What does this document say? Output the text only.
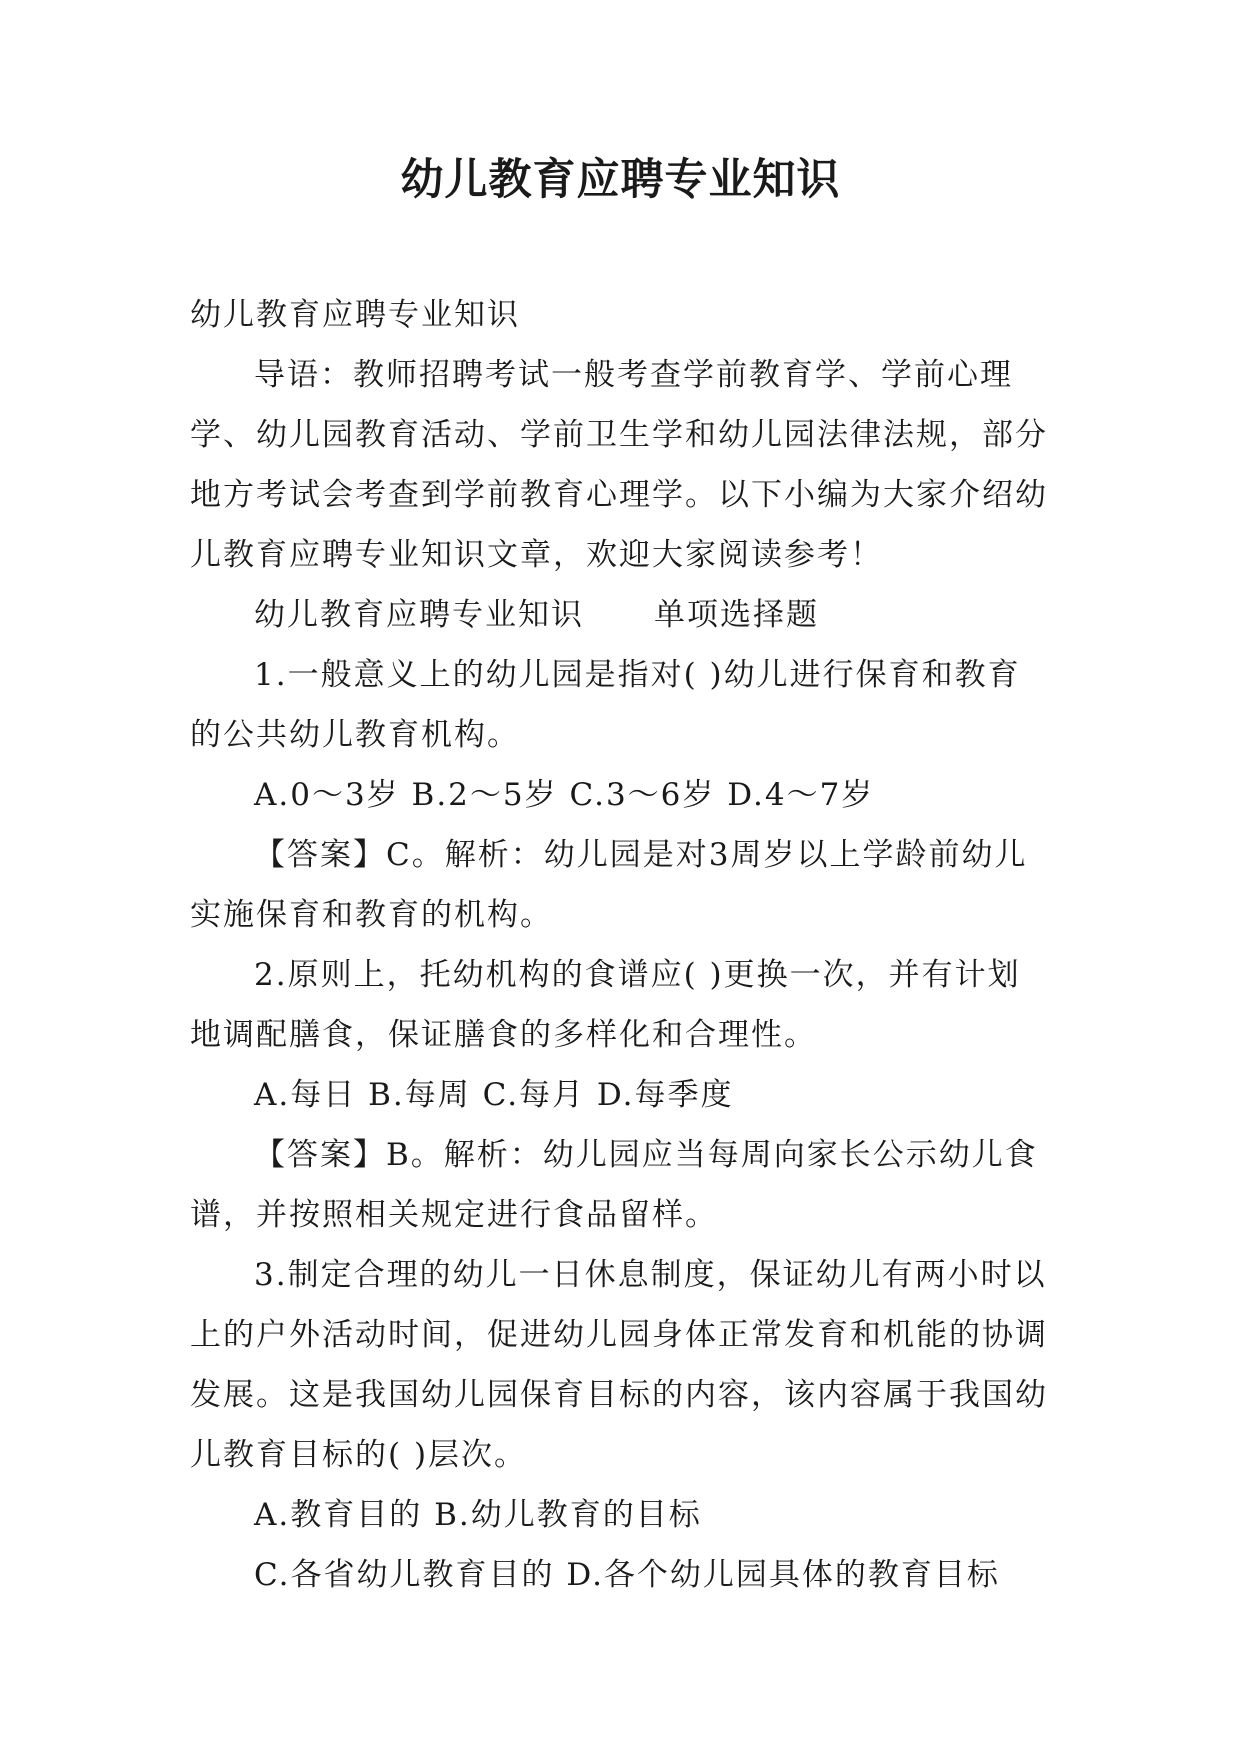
幼儿教育应聘专业知识

幼儿教育应聘专业知识

导语：教师招聘考试一般考查学前教育学、学前心理学、幼儿园教育活动、学前卫生学和幼儿园法律法规，部分地方考试会考查到学前教育心理学。以下小编为大家介绍幼儿教育应聘专业知识文章，欢迎大家阅读参考！

幼儿教育应聘专业知识 单项选择题

1.一般意义上的幼儿园是指对( )幼儿进行保育和教育的公共幼儿教育机构。

A.0～3岁 B.2～5岁 C.3～6岁 D.4～7岁

【答案】C。解析：幼儿园是对3周岁以上学龄前幼儿实施保育和教育的机构。

2.原则上，托幼机构的食谱应( )更换一次，并有计划地调配膳食，保证膳食的多样化和合理性。

A.每日 B.每周 C.每月 D.每季度

【答案】B。解析：幼儿园应当每周向家长公示幼儿食谱，并按照相关规定进行食品留样。

3.制定合理的幼儿一日休息制度，保证幼儿有两小时以上的户外活动时间，促进幼儿园身体正常发育和机能的协调发展。这是我国幼儿园保育目标的内容，该内容属于我国幼儿教育目标的( )层次。

A.教育目的 B.幼儿教育的目标

C.各省幼儿教育目的 D.各个幼儿园具体的教育目标
